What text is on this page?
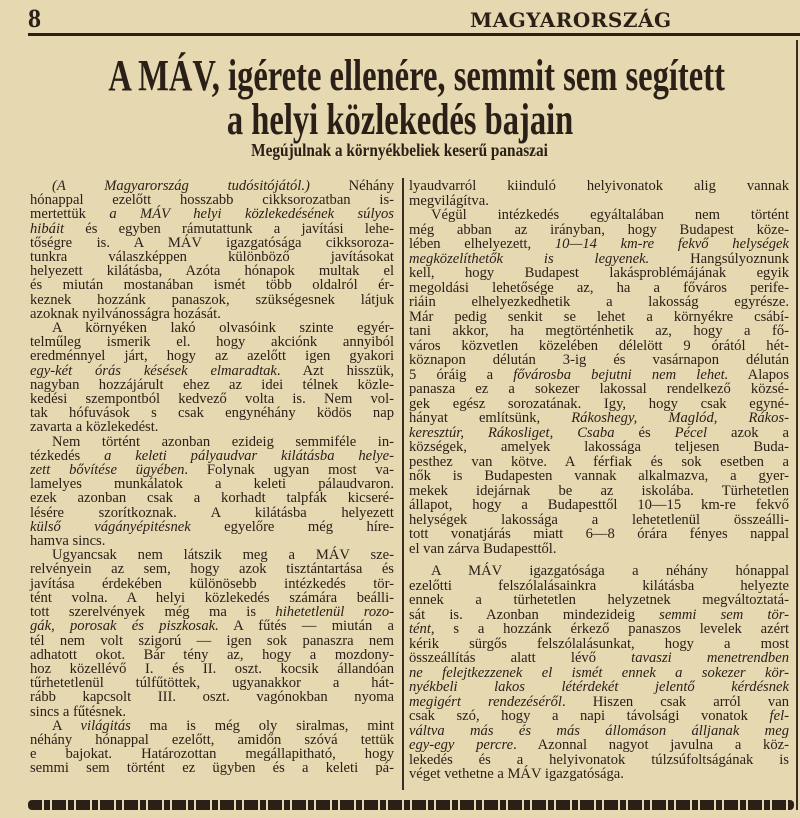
8	MAGYARORSZÁG
A MÁV, igérete ellenére, semmit sem segített
a helyi közlekedés bajain
Megújulnak a környékbeliek keserű panaszai
(A Magyarország tudósitójától.) Néhány
hónappal ezelőtt hosszabb cikksorozatban is-
mertettük a MÁV helyi közlekedésének súlyos
hibáit és egyben rámutattunk a javítási lehe-
tőségre is. A MÁV igazgatósága cikksoroza-
tunkra válaszképpen különböző javításokat
helyezett kilátásba, Azóta hónapok multak el
és miután mostanában ismét több oldalról ér-
keznek hozzánk panaszok, szükségesnek látjuk
azoknak nyilvánosságra hozását.
A környéken lakó olvasóink szinte egyér-
telműleg ismerik el. hogy akciónk annyiból
eredménnyel járt, hogy az azelőtt igen gyakori
egy-két órás késések elmaradtak. Azt hisszük,
nagyban hozzájárult ehez az idei télnek közle-
kedési szempontból kedvező volta is. Nem vol-
tak hófuvások s csak engynéhány ködös nap
zavarta a közlekedést.
Nem történt azonban ezideig semmiféle in-
tézkedés a keleti pályaudvar kilátásba helye-
zett bővítése ügyében. Folynak ugyan most va-
lamelyes munkálatok a keleti pálaudvaron.
ezek azonban csak a korhadt talpfák kicseré-
lésére szorítkoznak. A kilátásba helyezett
külső vágányépitésnek egyelőre még híre-
hamva sincs.
Ugyancsak nem látszik meg a MÁV sze-
relvényein az sem, hogy azok tisztántartása és
javítása érdekében különösebb intézkedés tör-
tént volna. A helyi közlekedés számára beálli-
tott szerelvények még ma is hihetetlenül rozo-
gák, porosak és piszkosak. A fűtés — miután a
tél nem volt szigorú — igen sok panaszra nem
adhatott okot. Bár tény az, hogy a mozdony-
hoz közellévő I. és II. oszt. kocsik állandóan
tűrhetetlenül túlfűtöttek, ugyanakkor a hát-
rább kapcsolt III. oszt. vagónokban nyoma
sincs a fűtésnek.
A világitás ma is még oly siralmas, mint
néhány hónappal ezelőtt, amidőn szóvá tettük
e bajokat. Határozottan megállapitható, hogy
semmi sem történt ez ügyben és a keleti pá-
lyaudvarról kiinduló helyivonatok alig vannak
megvilágítva.
Végül intézkedés egyáltalában nem történt
még abban az irányban, hogy Budapest köze-
lében elhelyezett, 10—14 km-re fekvő helységek
megközelíthetők is legyenek. Hangsúlyoznunk
kell, hogy Budapest lakásproblémájának egyik
megoldási lehetősége az, ha a főváros perife-
riáin elhelyezkedhetik a lakosság egyrésze.
Már pedig senkit se lehet a környékre csábí-
tani akkor, ha megtörténhetik az, hogy a fő-
város közvetlen közelében délelött 9 órától hét-
köznapon délután 3-ig és vasárnapon délután
5 óráig a fővárosba bejutni nem lehet. Alapos
panasza ez a sokezer lakossal rendelkező közsé-
gek egész sorozatának. Igy, hogy csak egyné-
hányat említsünk, Rákoshegy, Maglód, Rákos-
keresztúr, Rákosliget, Csaba és Pécel azok a
községek, amelyek lakossága teljesen Buda-
pesthez van kötve. A férfiak és sok esetben a
nők is Budapesten vannak alkalmazva, a gyer-
mekek idejárnak be az iskolába. Türhetetlen
állapot, hogy a Budapesttől 10—15 km-re fekvő
helységek lakossága a lehetetlenül összeálli-
tott vonatjárás miatt 6—8 órára fényes nappal
el van zárva Budapesttől.
A MÁV igazgatósága a néhány hónappal
ezelőtti felszólalásainkra kilátásba helyezte
ennek a türhetetlen helyzetnek megváltoztatá-
sát is. Azonban mindezideig semmi sem tör-
tént, s a hozzánk érkező panaszos levelek azért
kérik sürgős felszólalásunkat, hogy a most
összeállítás alatt lévő tavaszi menetrendben
ne felejtkezzenek el ismét ennek a sokezer kör-
nyékbeli lakos létérdekét jelentő kérdésnek
megigért rendezéséről. Hiszen csak arról van
csak szó, hogy a napi távolsági vonatok fel-
váltva más és más állomáson álljanak meg
egy-egy percre. Azonnal nagyot javulna a köz-
lekedés és a helyivonatok túlzsúfoltságának is
véget vethetne a MÁV igazgatósága.
